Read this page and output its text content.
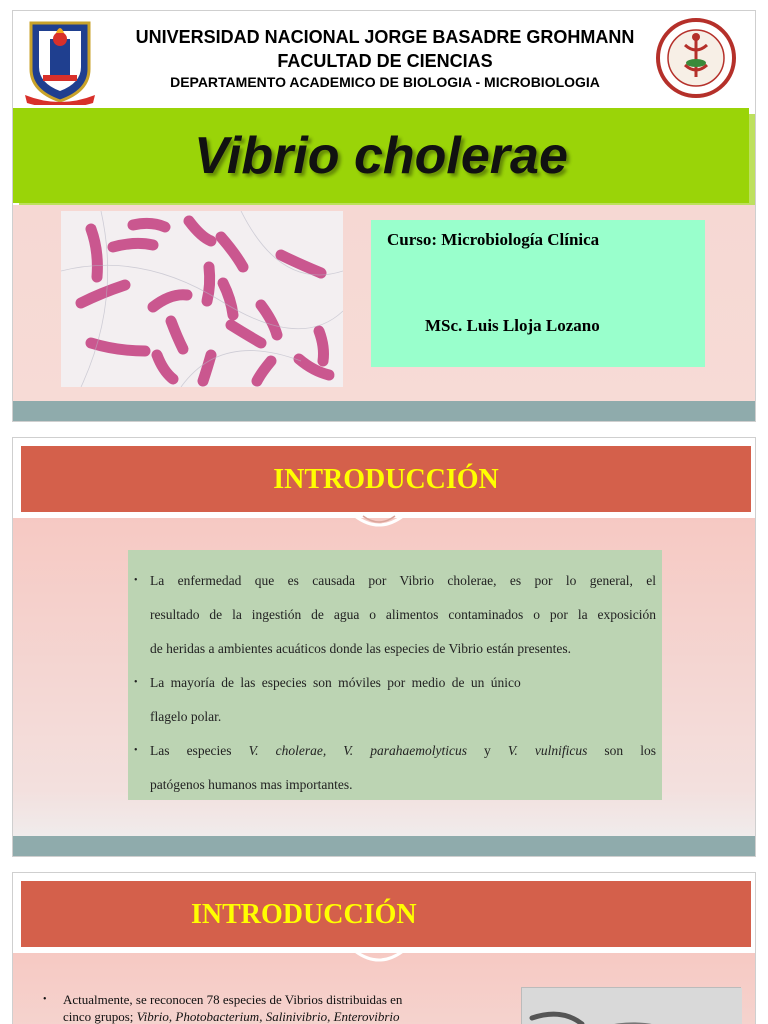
UNIVERSIDAD NACIONAL JORGE BASADRE GROHMANN
FACULTAD DE CIENCIAS
DEPARTAMENTO ACADEMICO DE BIOLOGIA - MICROBIOLOGIA
Vibrio cholerae
Curso: Microbiología Clínica
MSc. Luis Lloja Lozano
INTRODUCCIÓN
• La enfermedad que es causada por Vibrio cholerae, es por lo general, el
resultado de la ingestión de agua o alimentos contaminados o por la exposición
de heridas a ambientes acuáticos donde las especies de Vibrio están presentes.
• La mayoría de las especies son móviles por medio de un único
flagelo polar.
• Las especies V. cholerae, V. parahaemolyticus y V. vulnificus son los
patógenos humanos mas importantes.
INTRODUCCIÓN
•	Actualmente, se reconocen 78 especies de Vibrios distribuidas en
cinco grupos; Vibrio, Photobacterium, Salinivibrio, Enterovibrio
